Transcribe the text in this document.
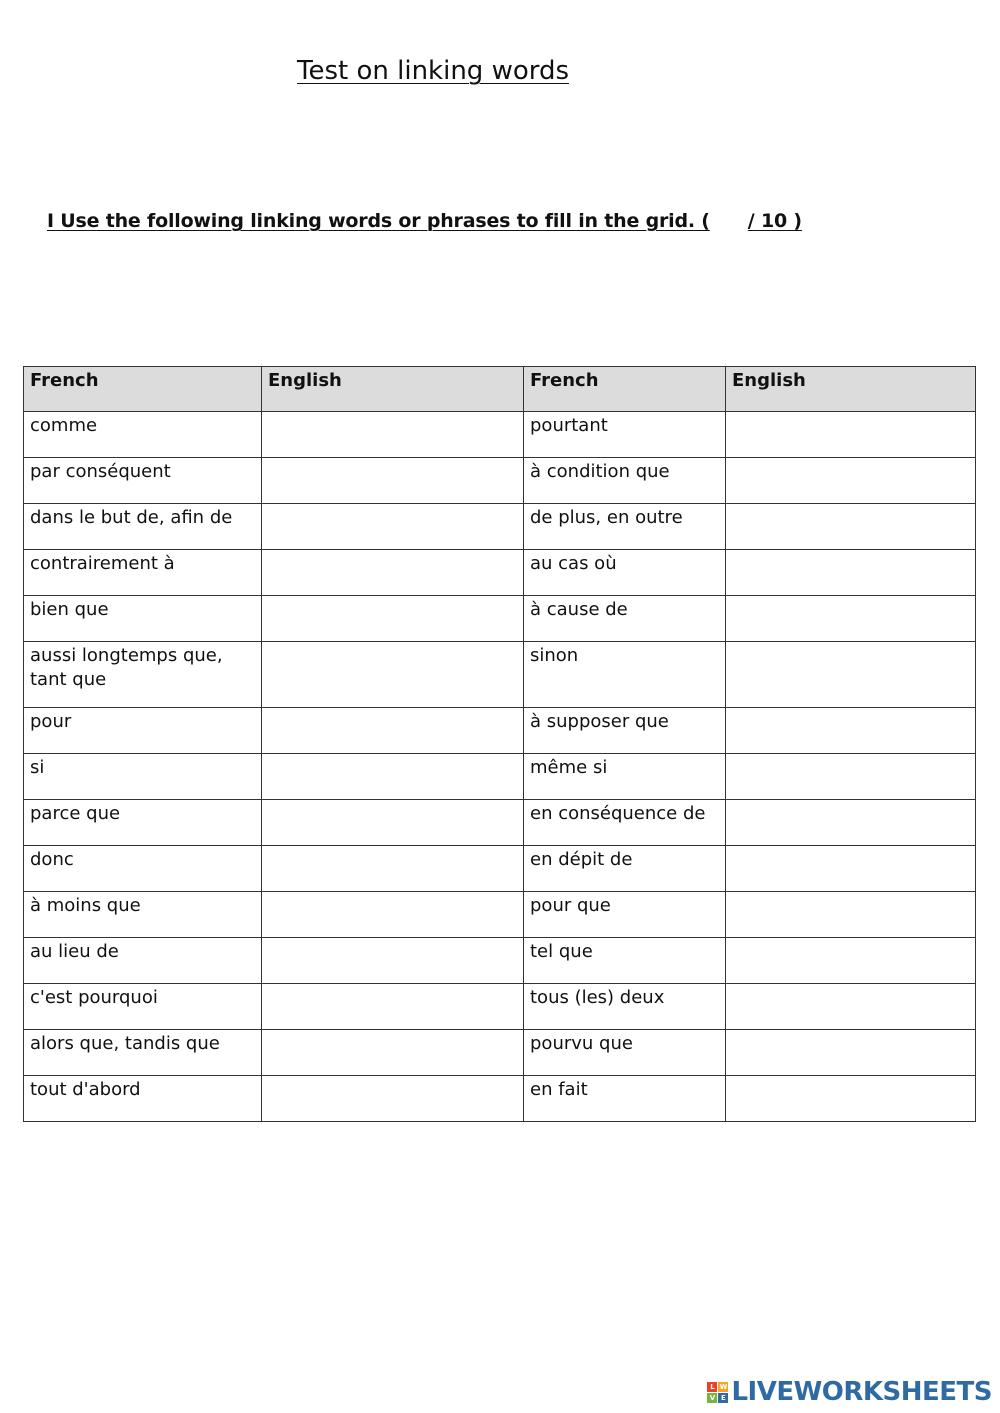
Test on linking words
I Use the following linking words or phrases to fill in the grid. ( / 10 )
French	English	French	English
comme		pourtant	
par conséquent		à condition que	
dans le but de, afin de		de plus, en outre	
contrairement à		au cas où	
bien que		à cause de	
aussi longtemps que, tant que		sinon	
pour		à supposer que	
si		même si	
parce que		en conséquence de	
donc		en dépit de	
à moins que		pour que	
au lieu de		tel que	
c'est pourquoi		tous (les) deux	
alors que, tandis que		pourvu que	
tout d'abord		en fait	
L W
V E LIVEWORKSHEETS
